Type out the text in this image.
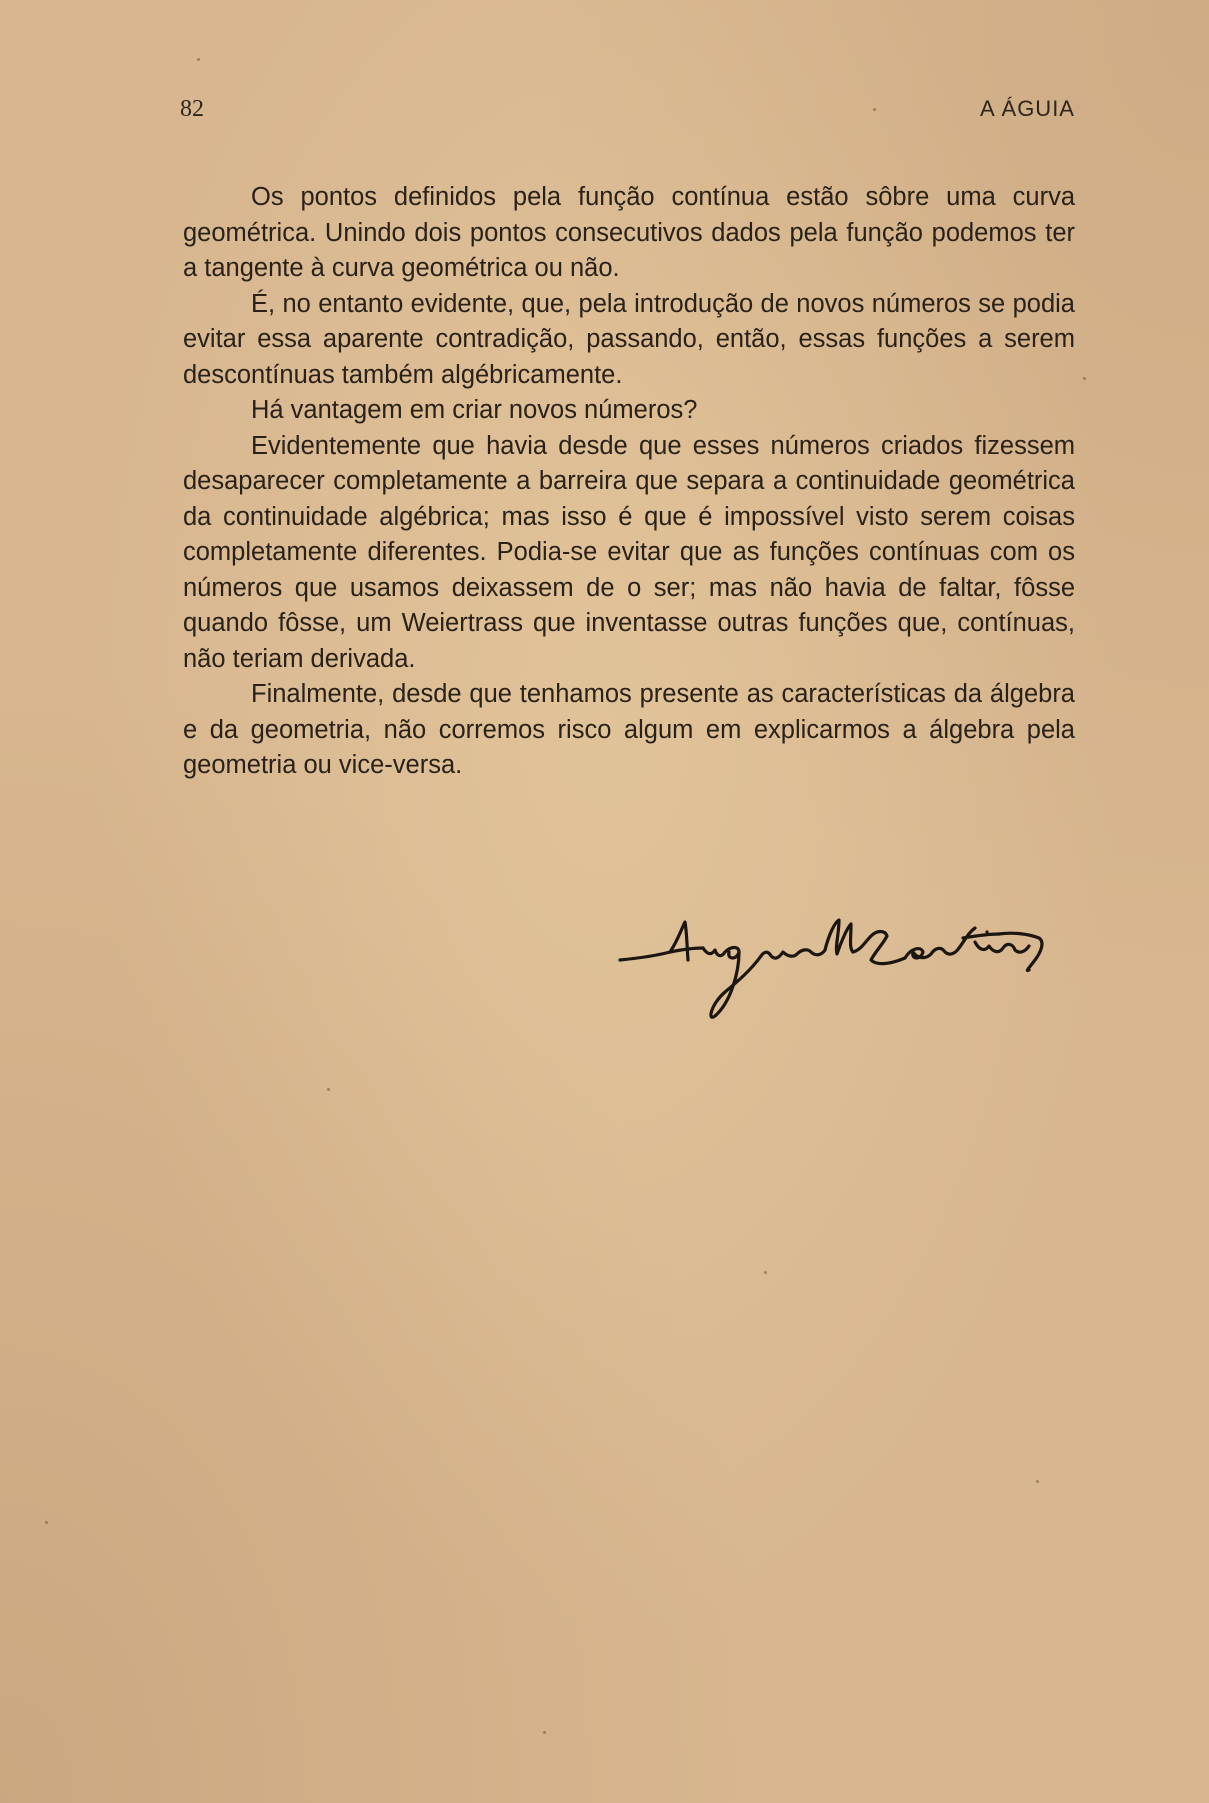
82	A ÁGUIA

Os pontos definidos pela função contínua estão sôbre uma curva geométrica. Unindo dois pontos consecutivos dados pela função podemos ter a tangente à curva geométrica ou não.

É, no entanto evidente, que, pela introdução de novos números se podia evitar essa aparente contradição, passando, então, essas funções a serem descontínuas também algébricamente.

Há vantagem em criar novos números?

Evidentemente que havia desde que esses números criados fizessem desaparecer completamente a barreira que separa a continuidade geométrica da continuidade algébrica; mas isso é que é impossível visto serem coisas completamente diferentes. Podia-se evitar que as funções contínuas com os números que usamos deixassem de o ser; mas não havia de faltar, fôsse quando fôsse, um Weiertrass que inventasse outras funções que, contínuas, não teriam derivada.

Finalmente, desde que tenhamos presente as características da álgebra e da geometria, não corremos risco algum em explicarmos a álgebra pela geometria ou vice-versa.
